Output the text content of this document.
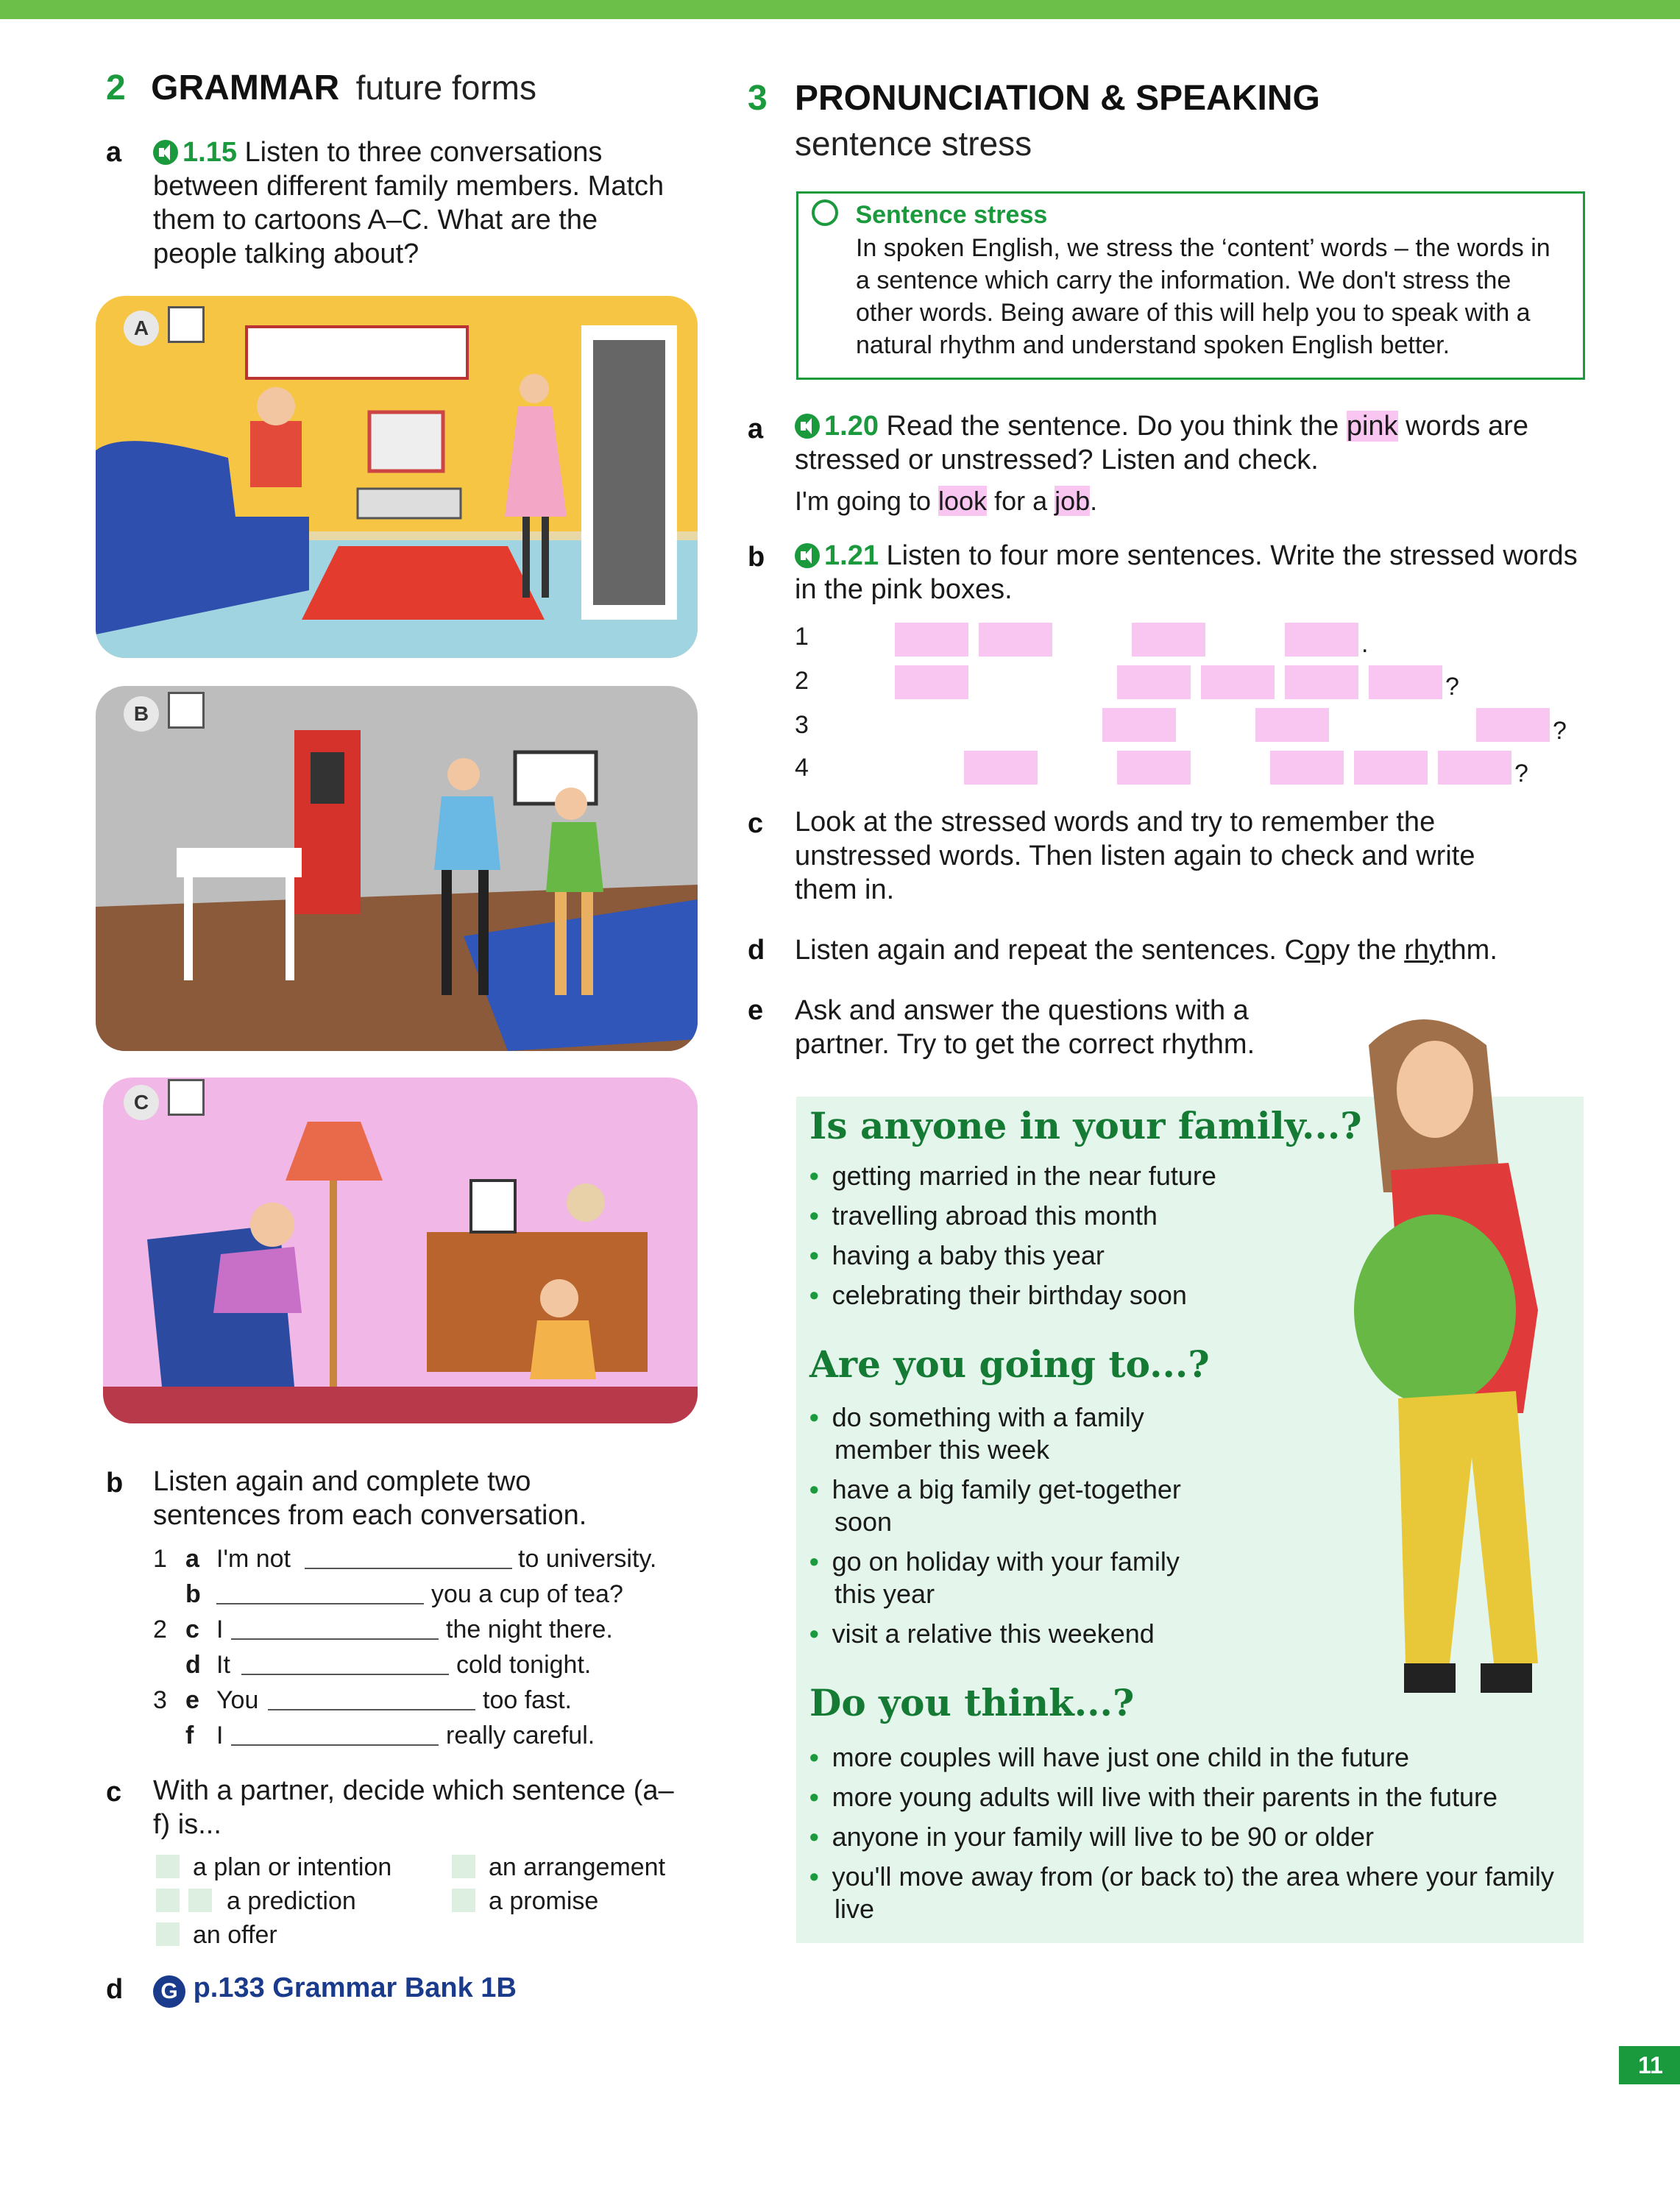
2 GRAMMAR future forms
a	1.15 Listen to three conversations between different family members. Match them to cartoons A–C. What are the people talking about?
A
B
C
b Listen again and complete two sentences from each conversation.
1 a I'm not	to university.
b	you a cup of tea?
2 c I	the night there.
d It	cold tonight.
3 e You	too fast.
f I	really careful.
c With a partner, decide which sentence (a–f) is...
a plan or intention	an arrangement
a prediction	a promise
an offer
d	G p.133 Grammar Bank 1B
3 PRONUNCIATION & SPEAKING
sentence stress
Sentence stress
In spoken English, we stress the ‘content’ words – the words in a sentence which carry the information. We don't stress the other words. Being aware of this will help you to speak with a natural rhythm and understand spoken English better.
a	1.20 Read the sentence. Do you think the pink words are stressed or unstressed? Listen and check.
I'm going to look for a job.
b	1.21 Listen to four more sentences. Write the stressed words in the pink boxes.
1	.
2	?
3	?
4	?
c Look at the stressed words and try to remember the unstressed words. Then listen again to check and write them in.
d Listen again and repeat the sentences. Copy the rhythm.
e Ask and answer the questions with a partner. Try to get the correct rhythm.
Is anyone in your family...?
• getting married in the near future
• travelling abroad this month
• having a baby this year
• celebrating their birthday soon
Are you going to...?
• do something with a family member this week
• have a big family get-together soon
• go on holiday with your family this year
• visit a relative this weekend
Do you think...?
• more couples will have just one child in the future
• more young adults will live with their parents in the future
• anyone in your family will live to be 90 or older
• you'll move away from (or back to) the area where your family live
11
